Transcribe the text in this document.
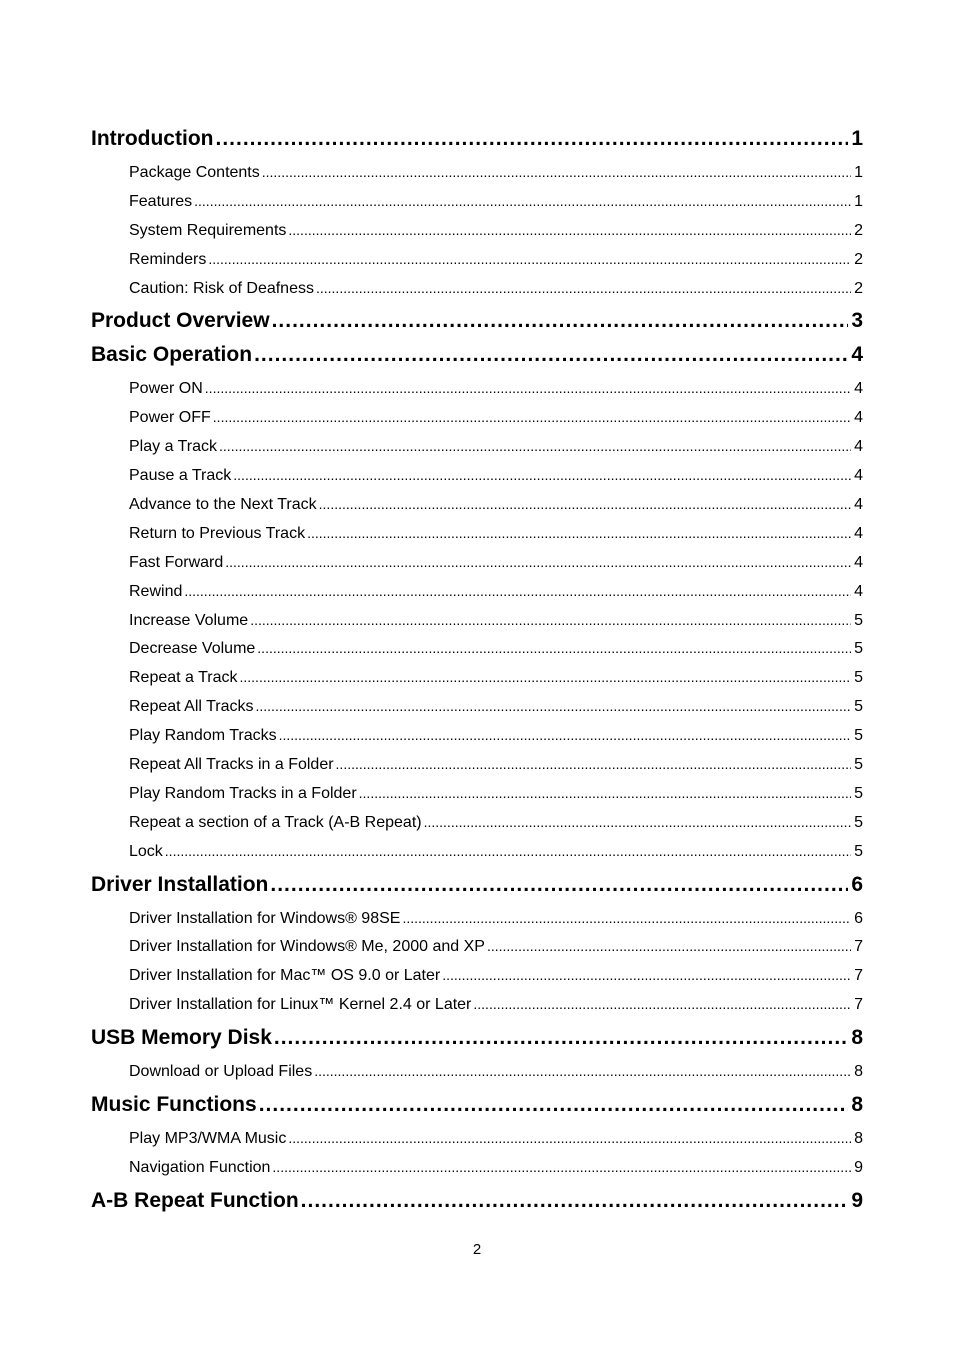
Introduction .....	1
Package Contents .....	1
Features .....	1
System Requirements .....	2
Reminders .....	2
Caution: Risk of Deafness .....	2
Product Overview .....	3
Basic Operation .....	4
Power ON .....	4
Power OFF .....	4
Play a Track .....	4
Pause a Track .....	4
Advance to the Next Track .....	4
Return to Previous Track .....	4
Fast Forward .....	4
Rewind .....	4
Increase Volume .....	5
Decrease Volume .....	5
Repeat a Track .....	5
Repeat All Tracks .....	5
Play Random Tracks .....	5
Repeat All Tracks in a Folder .....	5
Play Random Tracks in a Folder .....	5
Repeat a section of a Track (A-B Repeat) .....	5
Lock .....	5
Driver Installation .....	6
Driver Installation for Windows® 98SE .....	6
Driver Installation for Windows® Me, 2000 and XP .....	7
Driver Installation for Mac™ OS 9.0 or Later .....	7
Driver Installation for Linux™ Kernel 2.4 or Later .....	7
USB Memory Disk .....	8
Download or Upload Files .....	8
Music Functions .....	8
Play MP3/WMA Music .....	8
Navigation Function .....	9
A-B Repeat Function .....	9
2
